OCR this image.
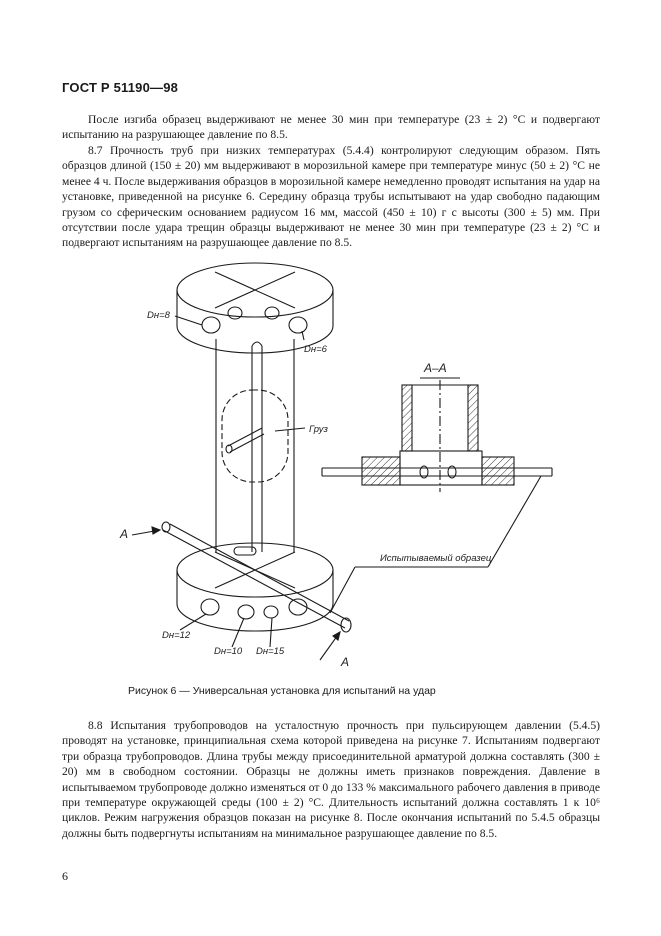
ГОСТ Р 51190—98

После изгиба образец выдерживают не менее 30 мин при температуре (23 ± 2) °С и подвергают испытанию на разрушающее давление по 8.5.

8.7 Прочность труб при низких температурах (5.4.4) контролируют следующим образом. Пять образцов длиной (150 ± 20) мм выдерживают в морозильной камере при температуре минус (50 ± 2) °С не менее 4 ч. После выдерживания образцов в морозильной камере немедленно проводят испытания на удар на установке, приведенной на рисунке 6. Середину образца трубы испытывают на удар свободно падающим грузом со сферическим основанием радиусом 16 мм, массой (450 ± 10) г с высоты (300 ± 5) мм. При отсутствии после удара трещин образцы выдерживают не менее 30 мин при температуре (23 ± 2) °С и подвергают испытаниям на разрушающее давление по 8.5.

8.8 Испытания трубопроводов на усталостную прочность при пульсирующем давлении (5.4.5) проводят на установке, принципиальная схема которой приведена на рисунке 7. Испытаниям подвергают три образца трубопроводов. Длина трубы между присоединительной арматурой должна составлять (300 ± 20) мм в свободном состоянии. Образцы не должны иметь признаков повреждения. Давление в испытываемом трубопроводе должно изменяться от 0 до 133 % максимального рабочего давления в приводе при температуре окружающей среды (100 ± 2) °С. Длительность испытаний должна составлять 1 к 10⁶ циклов. Режим нагружения образцов показан на рисунке 8. После окончания испытаний по 5.4.5 образцы должны быть подвергнуты испытаниям на минимальное разрушающее давление по 8.5.

Dн=8
Dн=6
Груз
А–А
Испытываемый образец
А
А
Dн=12
Dн=10 Dн=15
Рисунок 6 — Универсальная установка для испытаний на удар
6
